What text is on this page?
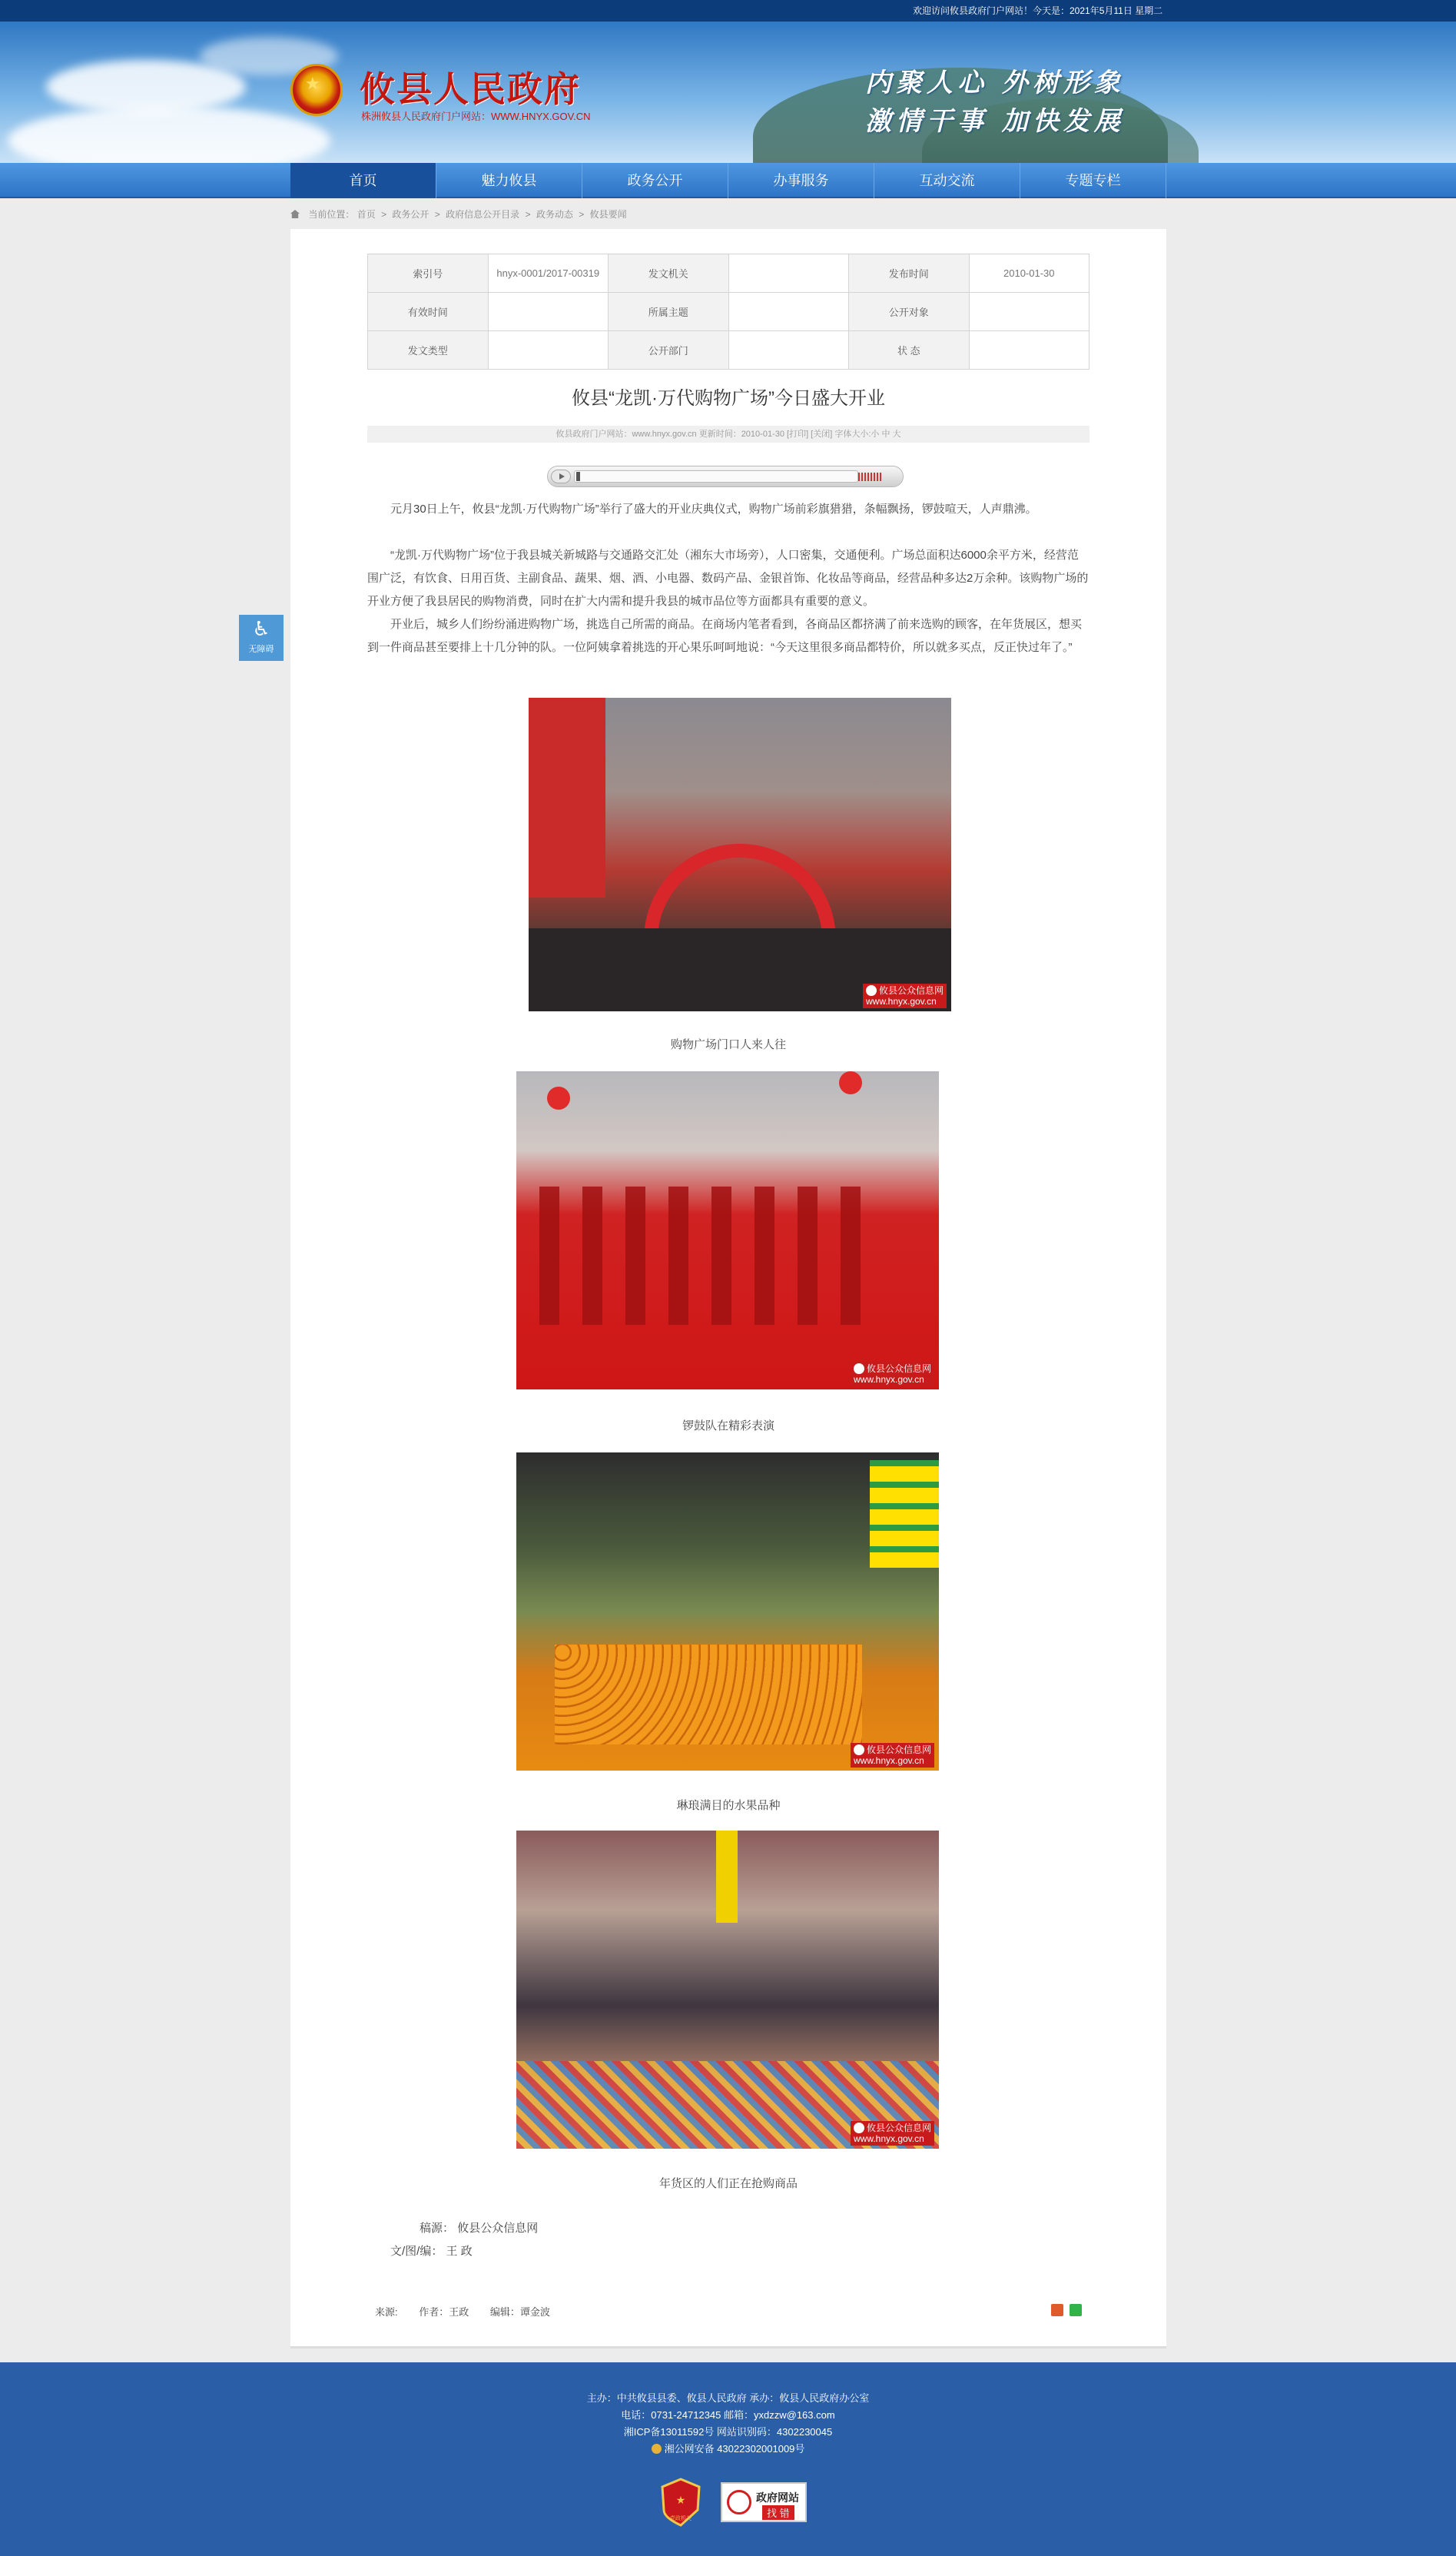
欢迎访问攸县政府门户网站！今天是：2021年5月11日 星期二
★ 攸县人民政府
株洲攸县人民政府门户网站：WWW.HNYX.GOV.CN
内聚人心 外树形象
激情干事 加快发展
首页	魅力攸县	政务公开	办事服务	互动交流	专题专栏
当前位置： 首页 > 政务公开 > 政府信息公开目录 > 政务动态 > 攸县要闻
♿
无障碍
索引号	hnyx-0001/2017-00319	发文机关		发布时间	2010-01-30
有效时间		所属主题		公开对象	
发文类型		公开部门		状 态	
攸县“龙凯·万代购物广场”今日盛大开业
攸县政府门户网站：www.hnyx.gov.cn 更新时间：2010-01-30 [打印] [关闭] 字体大小:小 中 大

元月30日上午，攸县“龙凯·万代购物广场”举行了盛大的开业庆典仪式，购物广场前彩旗猎猎，条幅飘扬，锣鼓喧天，人声鼎沸。

“龙凯·万代购物广场”位于我县城关新城路与交通路交汇处（湘东大市场旁），人口密集，交通便利。广场总面积达6000余平方米，经营范围广泛，有饮食、日用百货、主副食品、蔬果、烟、酒、小电器、数码产品、金银首饰、化妆品等商品，经营品种多达2万余种。该购物广场的开业方便了我县居民的购物消费，同时在扩大内需和提升我县的城市品位等方面都具有重要的意义。

开业后，城乡人们纷纷涌进购物广场，挑选自己所需的商品。在商场内笔者看到，各商品区都挤满了前来选购的顾客，在年货展区，想买到一件商品甚至要排上十几分钟的队。一位阿姨拿着挑选的开心果乐呵呵地说：“今天这里很多商品都特价，所以就多买点，反正快过年了。”

攸县公众信息网
www.hnyx.gov.cn
购物广场门口人来人往
攸县公众信息网
www.hnyx.gov.cn
锣鼓队在精彩表演
攸县公众信息网
www.hnyx.gov.cn
琳琅满目的水果品种
攸县公众信息网
www.hnyx.gov.cn
年货区的人们正在抢购商品
稿源： 攸县公众信息网
文/图/编： 王 政
来源: 作者：王政 编辑：谭金波
主办：中共攸县县委、攸县人民政府 承办：攸县人民政府办公室
电话：0731-24712345 邮箱：yxdzzw@163.com
湘ICP备13011592号 网站识别码：4302230045
湘公网安备 43022302001009号
★
党政机关
政府网站
找 错
